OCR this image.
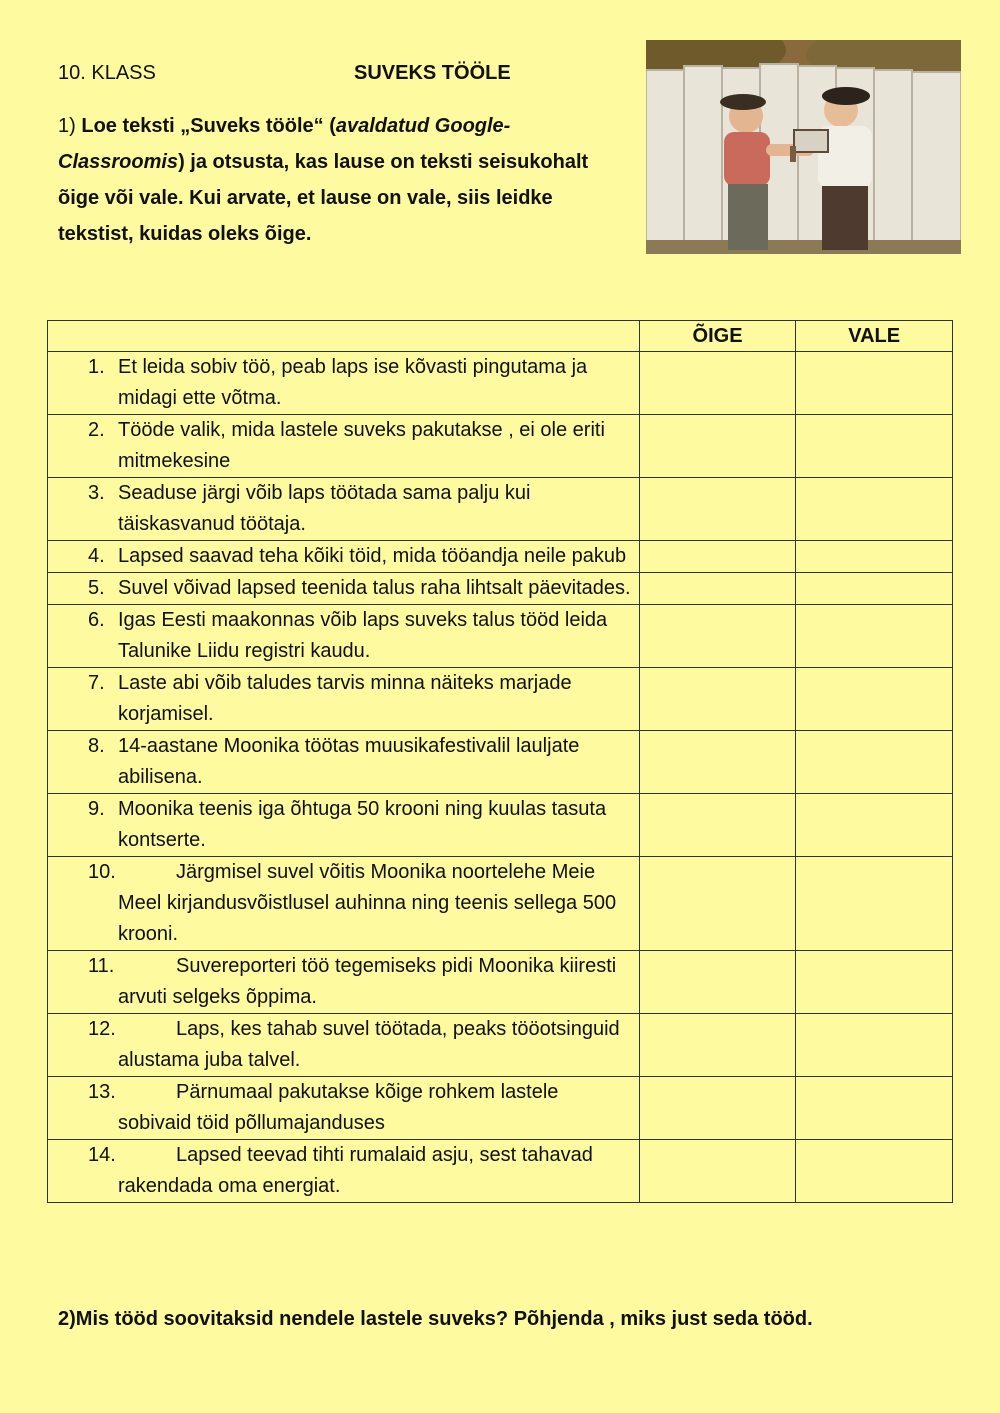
10. KLASS	SUVEKS TÖÖLE
1) Loe teksti „Suveks tööle“ (avaldatud Google-Classroomis) ja otsusta, kas lause on teksti seisukohalt õige või vale. Kui arvate, et lause on vale, siis leidke tekstist, kuidas oleks õige.
	ÕIGE	VALE
1. Et leida sobiv töö, peab laps ise kõvasti pingutama ja midagi ette võtma.		
2. Tööde valik, mida lastele suveks pakutakse , ei ole eriti mitmekesine		
3. Seaduse järgi võib laps töötada sama palju kui täiskasvanud töötaja.		
4. Lapsed saavad teha kõiki töid, mida tööandja neile pakub		
5. Suvel võivad lapsed teenida talus raha lihtsalt päevitades.		
6. Igas Eesti maakonnas võib laps suveks talus tööd leida Talunike Liidu registri kaudu.		
7. Laste abi võib taludes tarvis minna näiteks marjade korjamisel.		
8. 14-aastane Moonika töötas muusikafestivalil lauljate abilisena.		
9. Moonika teenis iga õhtuga 50 krooni ning kuulas tasuta kontserte.		
10. Järgmisel suvel võitis Moonika noortelehe Meie Meel kirjandusvõistlusel auhinna ning teenis sellega 500 krooni.		
11. Suvereporteri töö tegemiseks pidi Moonika kiiresti arvuti selgeks õppima.		
12. Laps, kes tahab suvel töötada, peaks tööotsinguid alustama juba talvel.		
13. Pärnumaal pakutakse kõige rohkem lastele sobivaid töid põllumajanduses		
14. Lapsed teevad tihti rumalaid asju, sest tahavad rakendada oma energiat.		
2)Mis tööd soovitaksid nendele lastele suveks? Põhjenda , miks just seda tööd.
